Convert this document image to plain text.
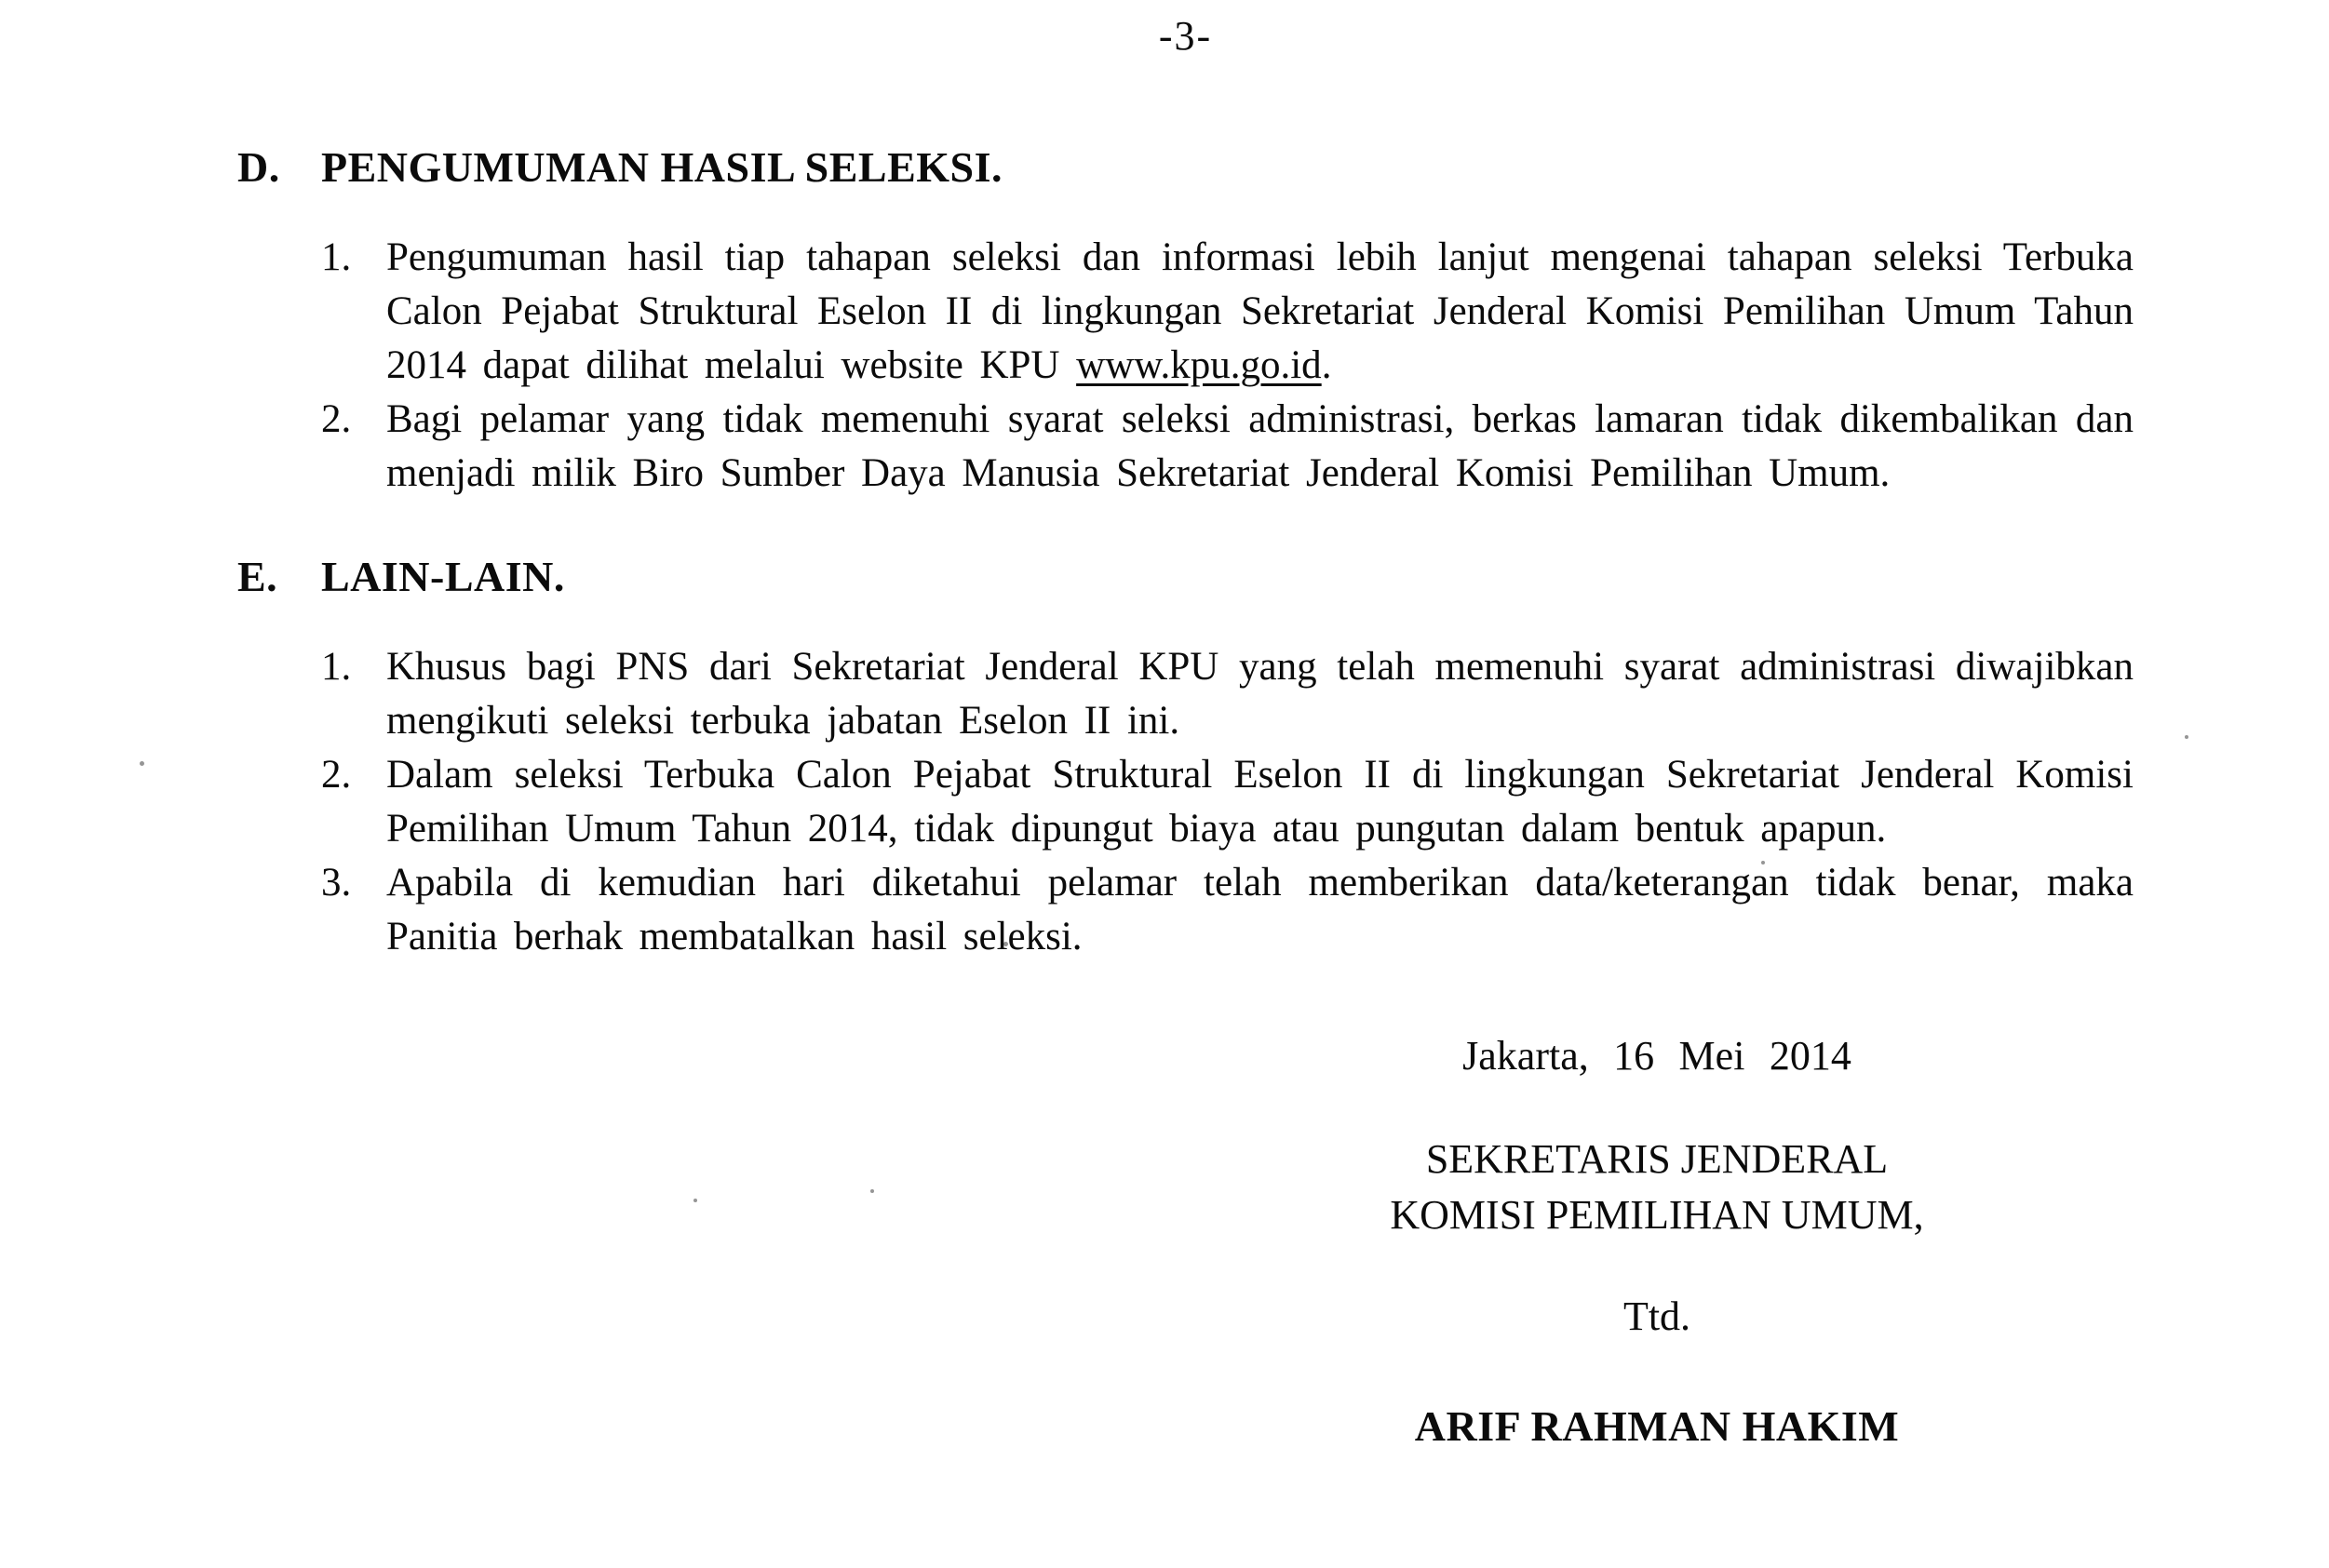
-3-
D. PENGUMUMAN HASIL SELEKSI.
1. Pengumuman hasil tiap tahapan seleksi dan informasi lebih lanjut mengenai tahapan seleksi Terbuka Calon Pejabat Struktural Eselon II di lingkungan Sekretariat Jenderal Komisi Pemilihan Umum Tahun 2014 dapat dilihat melalui website KPU www.kpu.go.id.
2. Bagi pelamar yang tidak memenuhi syarat seleksi administrasi, berkas lamaran tidak dikembalikan dan menjadi milik Biro Sumber Daya Manusia Sekretariat Jenderal Komisi Pemilihan Umum.
E.	LAIN-LAIN.
1. Khusus bagi PNS dari Sekretariat Jenderal KPU yang telah memenuhi syarat administrasi diwajibkan mengikuti seleksi terbuka jabatan Eselon II ini.
2. Dalam seleksi Terbuka Calon Pejabat Struktural Eselon II di lingkungan Sekretariat Jenderal Komisi Pemilihan Umum Tahun 2014, tidak dipungut biaya atau pungutan dalam bentuk apapun.
3. Apabila di kemudian hari diketahui pelamar telah memberikan data/keterangan tidak benar, maka Panitia berhak membatalkan hasil seleksi.
Jakarta, 16 Mei 2014
SEKRETARIS JENDERAL
KOMISI PEMILIHAN UMUM,
Ttd.
ARIF RAHMAN HAKIM
